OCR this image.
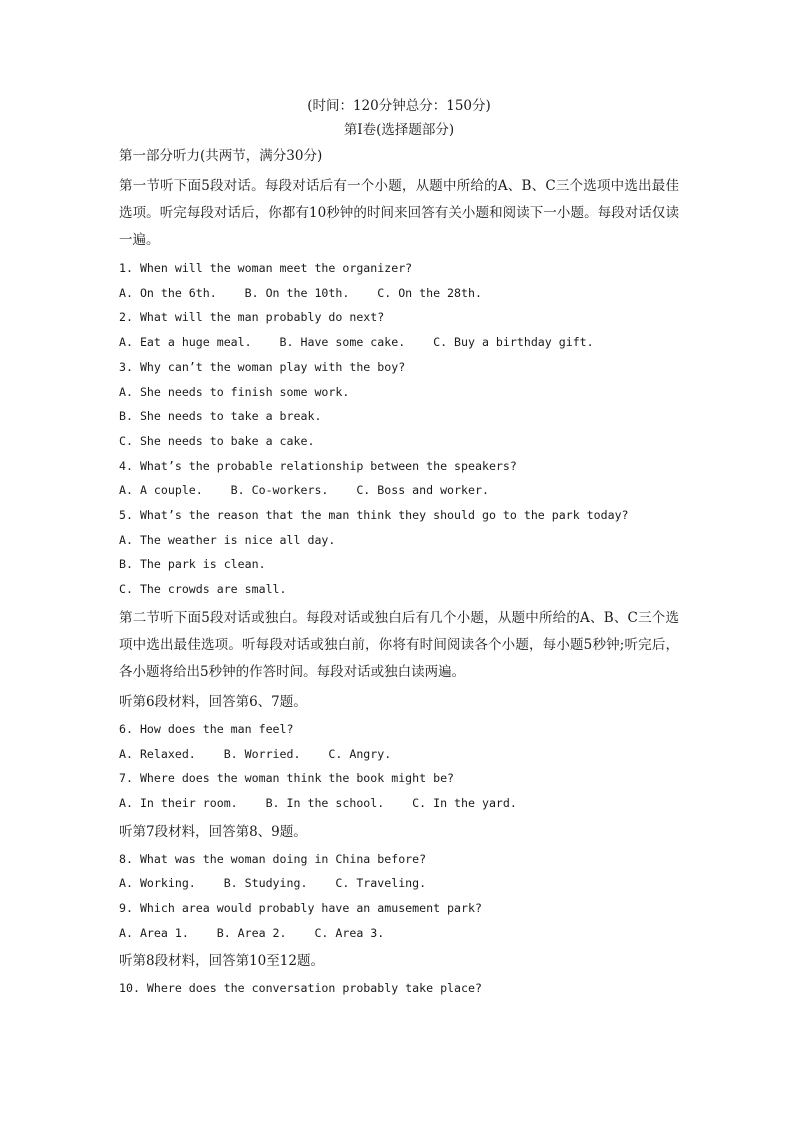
(时间：120分钟总分：150分)
第Ⅰ卷(选择题部分)

第一部分听力(共两节，满分30分)

第一节听下面5段对话。每段对话后有一个小题，从题中所给的A、B、C三个选项中选出最佳选项。听完每段对话后，你都有10秒钟的时间来回答有关小题和阅读下一小题。每段对话仅读一遍。

1. When will the woman meet the organizer?

A. On the 6th.    B. On the 10th.    C. On the 28th.

2. What will the man probably do next?

A. Eat a huge meal.    B. Have some cake.    C. Buy a birthday gift.

3. Why can’t the woman play with the boy?

A. She needs to finish some work.

B. She needs to take a break.

C. She needs to bake a cake.

4. What’s the probable relationship between the speakers?

A. A couple.    B. Co-workers.    C. Boss and worker.

5. What’s the reason that the man think they should go to the park today?

A. The weather is nice all day.

B. The park is clean.

C. The crowds are small.

第二节听下面5段对话或独白。每段对话或独白后有几个小题，从题中所给的A、B、C三个选项中选出最佳选项。听每段对话或独白前，你将有时间阅读各个小题，每小题5秒钟;听完后，各小题将给出5秒钟的作答时间。每段对话或独白读两遍。

听第6段材料，回答第6、7题。

6. How does the man feel?

A. Relaxed.    B. Worried.    C. Angry.

7. Where does the woman think the book might be?

A. In their room.    B. In the school.    C. In the yard.

听第7段材料，回答第8、9题。

8. What was the woman doing in China before?

A. Working.    B. Studying.    C. Traveling.

9. Which area would probably have an amusement park?

A. Area 1.    B. Area 2.    C. Area 3.

听第8段材料，回答第10至12题。

10. Where does the conversation probably take place?
